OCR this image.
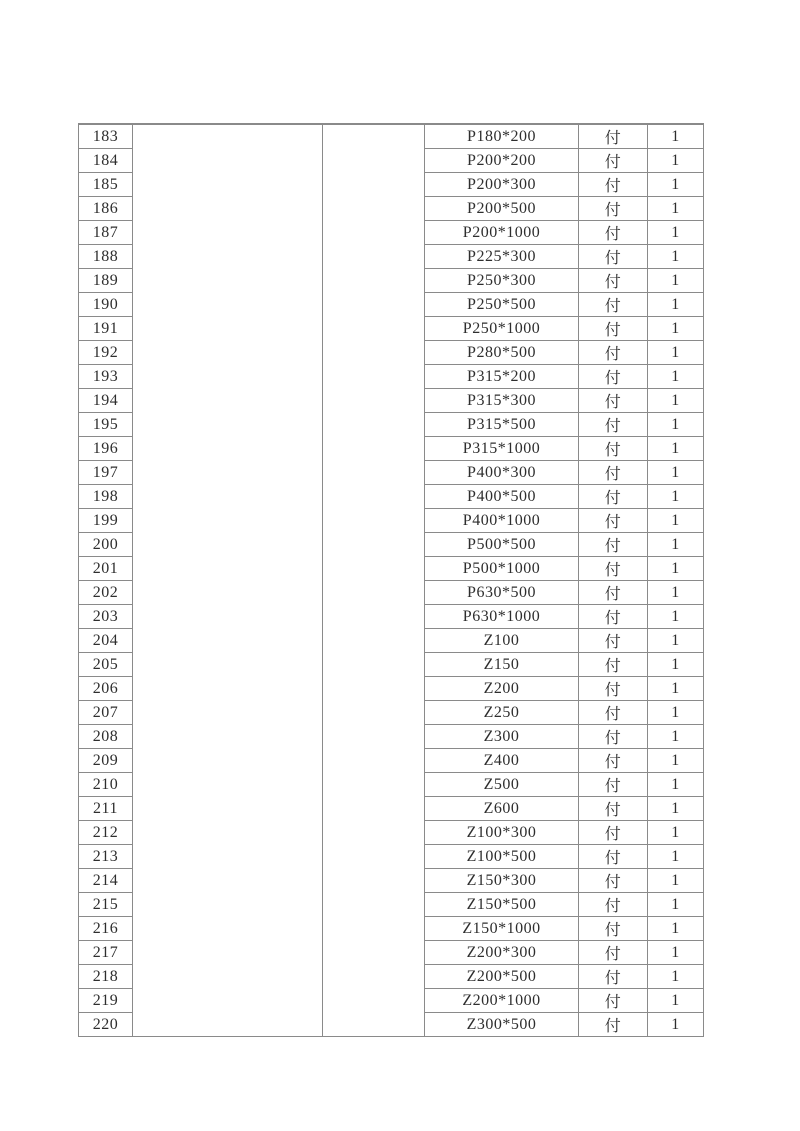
183			P180*200	付	1
184			P200*200	付	1
185			P200*300	付	1
186			P200*500	付	1
187			P200*1000	付	1
188			P225*300	付	1
189			P250*300	付	1
190			P250*500	付	1
191			P250*1000	付	1
192			P280*500	付	1
193			P315*200	付	1
194			P315*300	付	1
195			P315*500	付	1
196			P315*1000	付	1
197			P400*300	付	1
198			P400*500	付	1
199			P400*1000	付	1
200			P500*500	付	1
201			P500*1000	付	1
202			P630*500	付	1
203			P630*1000	付	1
204			Z100	付	1
205			Z150	付	1
206			Z200	付	1
207			Z250	付	1
208			Z300	付	1
209			Z400	付	1
210			Z500	付	1
211			Z600	付	1
212			Z100*300	付	1
213			Z100*500	付	1
214			Z150*300	付	1
215			Z150*500	付	1
216			Z150*1000	付	1
217			Z200*300	付	1
218			Z200*500	付	1
219			Z200*1000	付	1
220			Z300*500	付	1
